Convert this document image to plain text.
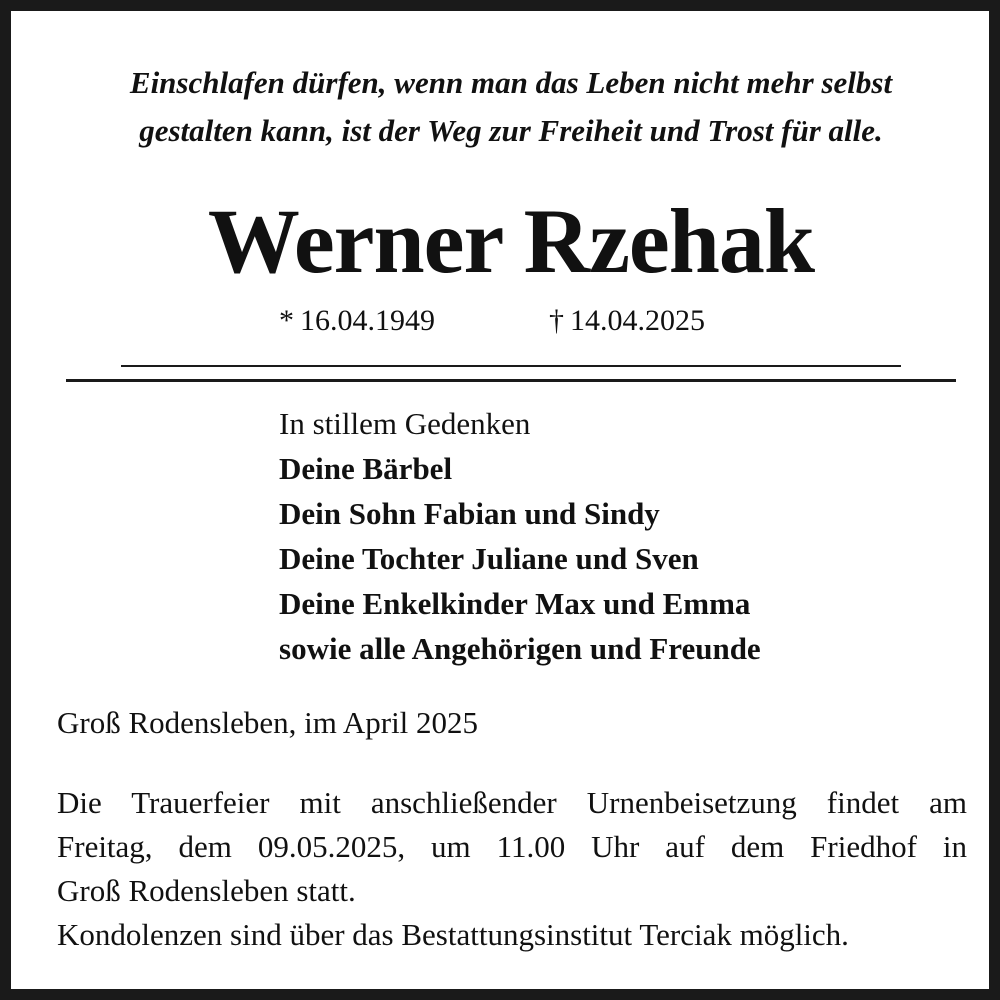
Einschlafen dürfen, wenn man das Leben nicht mehr selbst
gestalten kann, ist der Weg zur Freiheit und Trost für alle.
Werner Rzehak
* 16.04.1949	† 14.04.2025
In stillem Gedenken
Deine Bärbel
Dein Sohn Fabian und Sindy
Deine Tochter Juliane und Sven
Deine Enkelkinder Max und Emma
sowie alle Angehörigen und Freunde
Groß Rodensleben, im April 2025
Die Trauerfeier mit anschließender Urnenbeisetzung findet am
Freitag, dem 09.05.2025, um 11.00 Uhr auf dem Friedhof in
Groß Rodensleben statt.
Kondolenzen sind über das Bestattungsinstitut Terciak möglich.
